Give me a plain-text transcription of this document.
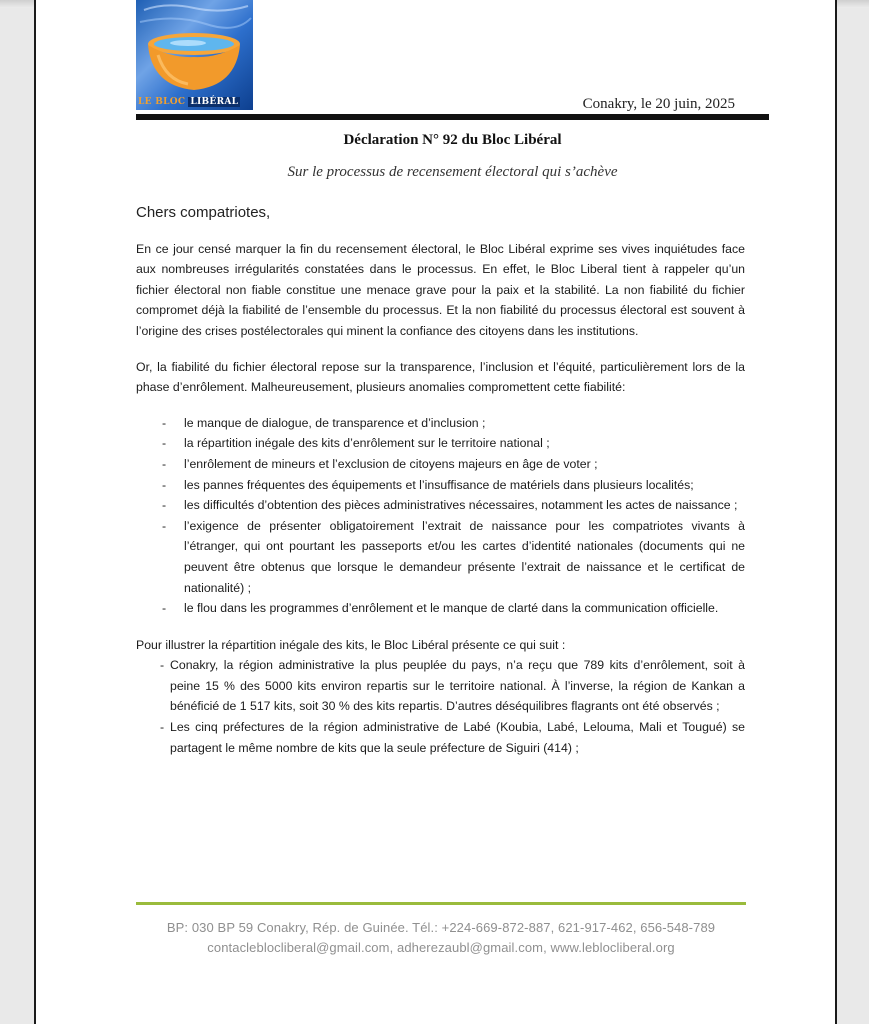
LE BLOC LIBÉRAL	Conakry, le 20 juin, 2025
Déclaration N° 92 du Bloc Libéral
Sur le processus de recensement électoral qui s’achève

Chers compatriotes,

En ce jour censé marquer la fin du recensement électoral, le Bloc Libéral exprime ses vives inquiétudes face aux nombreuses irrégularités constatées dans le processus. En effet, le Bloc Liberal tient à rappeler qu’un fichier électoral non fiable constitue une menace grave pour la paix et la stabilité. La non fiabilité du fichier compromet déjà la fiabilité de l’ensemble du processus. Et la non fiabilité du processus électoral est souvent à l’origine des crises postélectorales qui minent la confiance des citoyens dans les institutions.

Or, la fiabilité du fichier électoral repose sur la transparence, l’inclusion et l’équité, particulièrement lors de la phase d’enrôlement. Malheureusement, plusieurs anomalies compromettent cette fiabilité:

- le manque de dialogue, de transparence et d’inclusion ;
- la répartition inégale des kits d’enrôlement sur le territoire national ;
- l’enrôlement de mineurs et l’exclusion de citoyens majeurs en âge de voter ;
- les pannes fréquentes des équipements et l’insuffisance de matériels dans plusieurs localités;
- les difficultés d’obtention des pièces administratives nécessaires, notamment les actes de naissance ;
- l’exigence de présenter obligatoirement l’extrait de naissance pour les compatriotes vivants à l’étranger, qui ont pourtant les passeports et/ou les cartes d’identité nationales (documents qui ne peuvent être obtenus que lorsque le demandeur présente l’extrait de naissance et le certificat de nationalité) ;
- le flou dans les programmes d’enrôlement et le manque de clarté dans la communication officielle.

Pour illustrer la répartition inégale des kits, le Bloc Libéral présente ce qui suit :

- Conakry, la région administrative la plus peuplée du pays, n’a reçu que 789 kits d’enrôlement, soit à peine 15 % des 5000 kits environ repartis sur le territoire national. À l’inverse, la région de Kankan a bénéficié de 1 517 kits, soit 30 % des kits repartis. D’autres déséquilibres flagrants ont été observés ;
- Les cinq préfectures de la région administrative de Labé (Koubia, Labé, Lelouma, Mali et Tougué) se partagent le même nombre de kits que la seule préfecture de Siguiri (414) ;
BP: 030 BP 59 Conakry, Rép. de Guinée. Tél.: +224-669-872-887, 621-917-462, 656-548-789
contacleblocliberal@gmail.com, adherezaubl@gmail.com, www.leblocliberal.org
